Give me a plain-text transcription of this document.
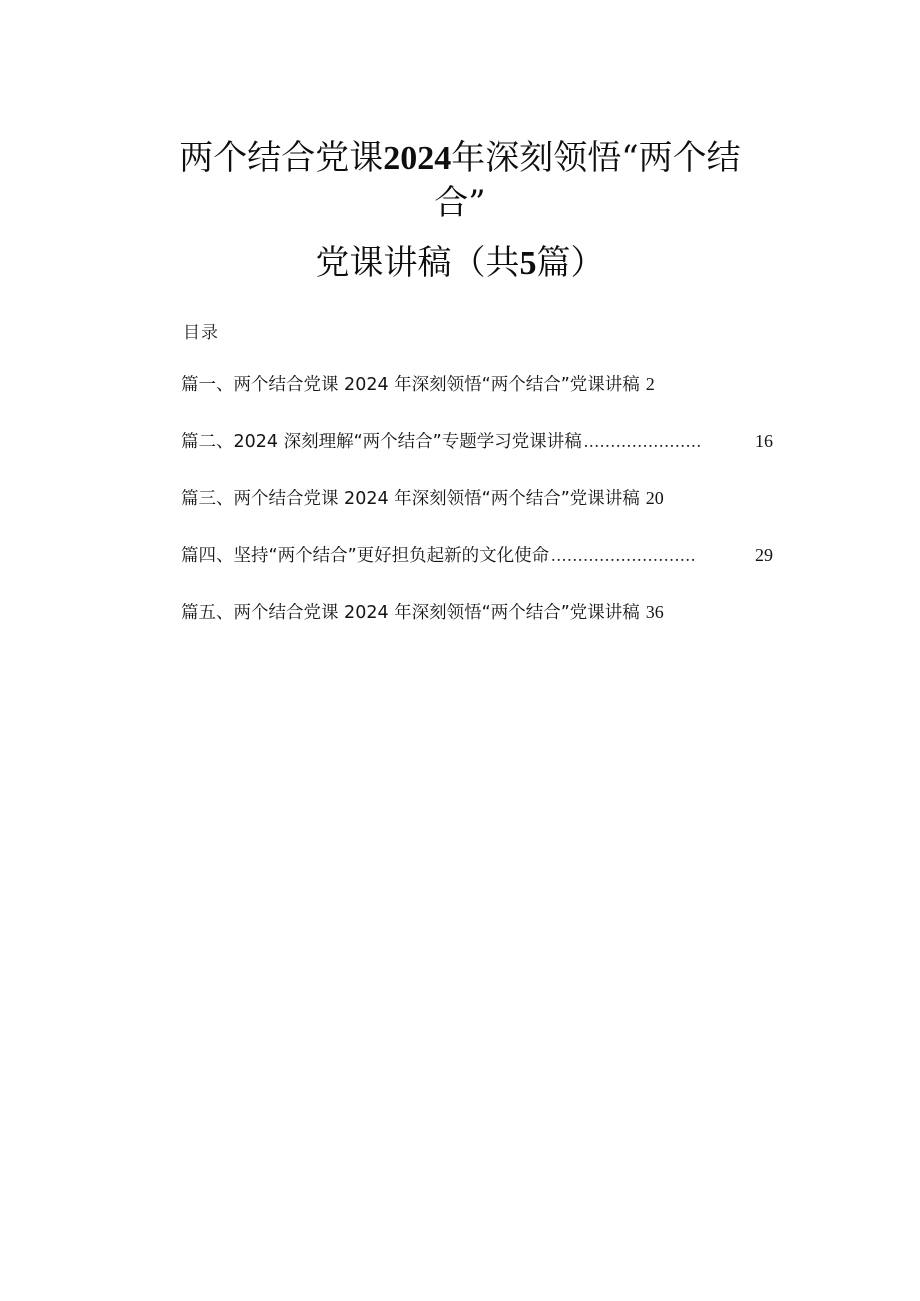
两个结合党课2024年深刻领悟“两个结
合”
党课讲稿（共5篇）
目录
篇一、两个结合党课 2024 年深刻领悟“两个结合”党课讲稿 2
篇二、2024 深刻理解“两个结合”专题学习党课讲稿 ......................	16
篇三、两个结合党课 2024 年深刻领悟“两个结合”党课讲稿 20
篇四、坚持“两个结合”更好担负起新的文化使命 ...........................	29
篇五、两个结合党课 2024 年深刻领悟“两个结合”党课讲稿 36
